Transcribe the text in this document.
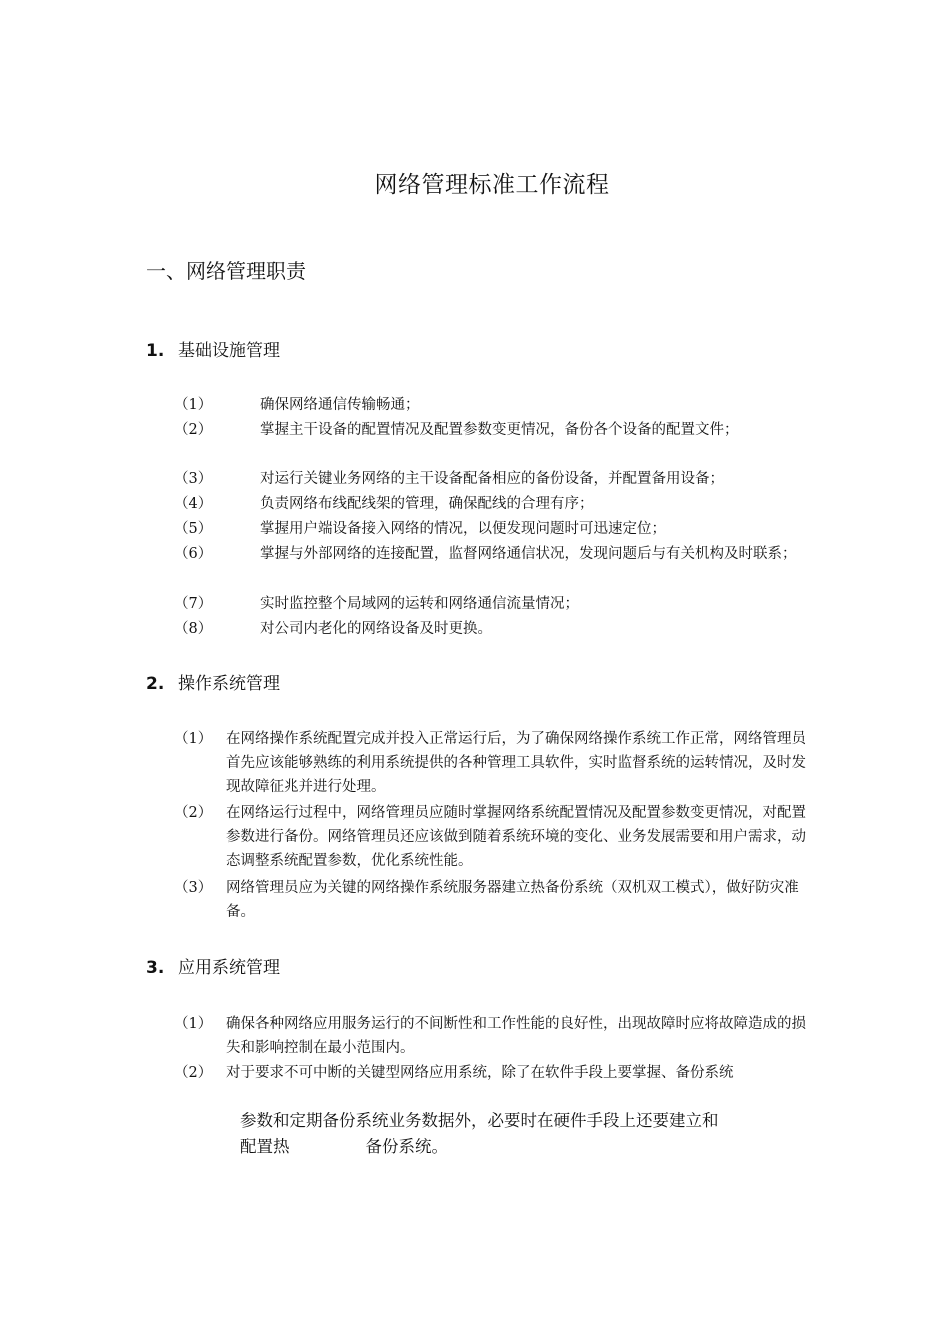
网络管理标准工作流程
一、网络管理职责
1. 基础设施管理
（1）	确保网络通信传输畅通；
（2）	掌握主干设备的配置情况及配置参数变更情况，备份各个设备的配置文件；
（3）	对运行关键业务网络的主干设备配备相应的备份设备，并配置备用设备；
（4）	负责网络布线配线架的管理，确保配线的合理有序；
（5）	掌握用户端设备接入网络的情况，以便发现问题时可迅速定位；
（6）	掌握与外部网络的连接配置，监督网络通信状况，发现问题后与有关机构及时联系；
（7）	实时监控整个局域网的运转和网络通信流量情况；
（8）	对公司内老化的网络设备及时更换。
2. 操作系统管理
（1） 在网络操作系统配置完成并投入正常运行后，为了确保网络操作系统工作正常，网络管理员首先应该能够熟练的利用系统提供的各种管理工具软件，实时监督系统的运转情况，及时发现故障征兆并进行处理。
（2） 在网络运行过程中，网络管理员应随时掌握网络系统配置情况及配置参数变更情况，对配置参数进行备份。网络管理员还应该做到随着系统环境的变化、业务发展需要和用户需求，动态调整系统配置参数，优化系统性能。
（3） 网络管理员应为关键的网络操作系统服务器建立热备份系统（双机双工模式），做好防灾准备。
3. 应用系统管理
（1） 确保各种网络应用服务运行的不间断性和工作性能的良好性，出现故障时应将故障造成的损失和影响控制在最小范围内。
（2） 对于要求不可中断的关键型网络应用系统，除了在软件手段上要掌握、备份系统
参数和定期备份系统业务数据外，必要时在硬件手段上还要建立和
配置热	备份系统。
